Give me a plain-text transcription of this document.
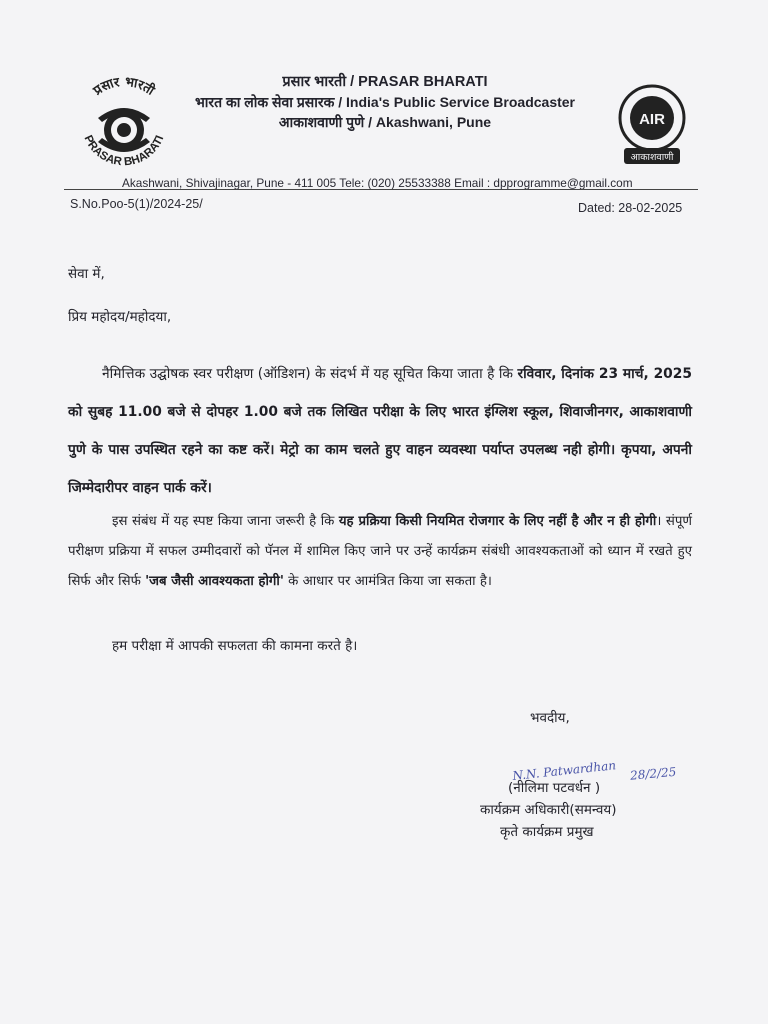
प्रसार भारती
PRASAR BHARATI
प्रसार भारती / PRASAR BHARATI
भारत का लोक सेवा प्रसारक / India's Public Service Broadcaster
आकाशवाणी पुणे / Akashwani, Pune	AIR
आकाशवाणी
Akashwani, Shivajinagar, Pune - 411 005 Tele: (020) 25533388 Email : dpprogramme@gmail.com
S.No.Poo-5(1)/2024-25/	Dated: 28-02-2025
सेवा में,
प्रिय महोदय/महोदया,
नैमित्तिक उद्घोषक स्वर परीक्षण (ऑडिशन) के संदर्भ में यह सूचित किया जाता है कि रविवार, दिनांक 23 मार्च, 2025 को सुबह 11.00 बजे से दोपहर 1.00 बजे तक लिखित परीक्षा के लिए भारत इंग्लिश स्कूल, शिवाजीनगर, आकाशवाणी पुणे के पास उपस्थित रहने का कष्ट करें। मेट्रो का काम चलते हुए वाहन व्यवस्था पर्याप्त उपलब्ध नही होगी। कृपया, अपनी जिम्मेदारीपर वाहन पार्क करें।
इस संबंध में यह स्पष्ट किया जाना जरूरी है कि यह प्रक्रिया किसी नियमित रोजगार के लिए नहीं है और न ही होगी। संपूर्ण परीक्षण प्रक्रिया में सफल उम्मीदवारों को पॅनल में शामिल किए जाने पर उन्हें कार्यक्रम संबंधी आवश्यकताओं को ध्यान में रखते हुए सिर्फ और सिर्फ 'जब जैसी आवश्यकता होगी' के आधार पर आमंत्रित किया जा सकता है।
हम परीक्षा में आपकी सफलता की कामना करते है।
भवदीय,
N.N. Patwardhan 28/2/25
(नीलिमा पटवर्धन )
कार्यक्रम अधिकारी(समन्वय)
कृते कार्यक्रम प्रमुख
